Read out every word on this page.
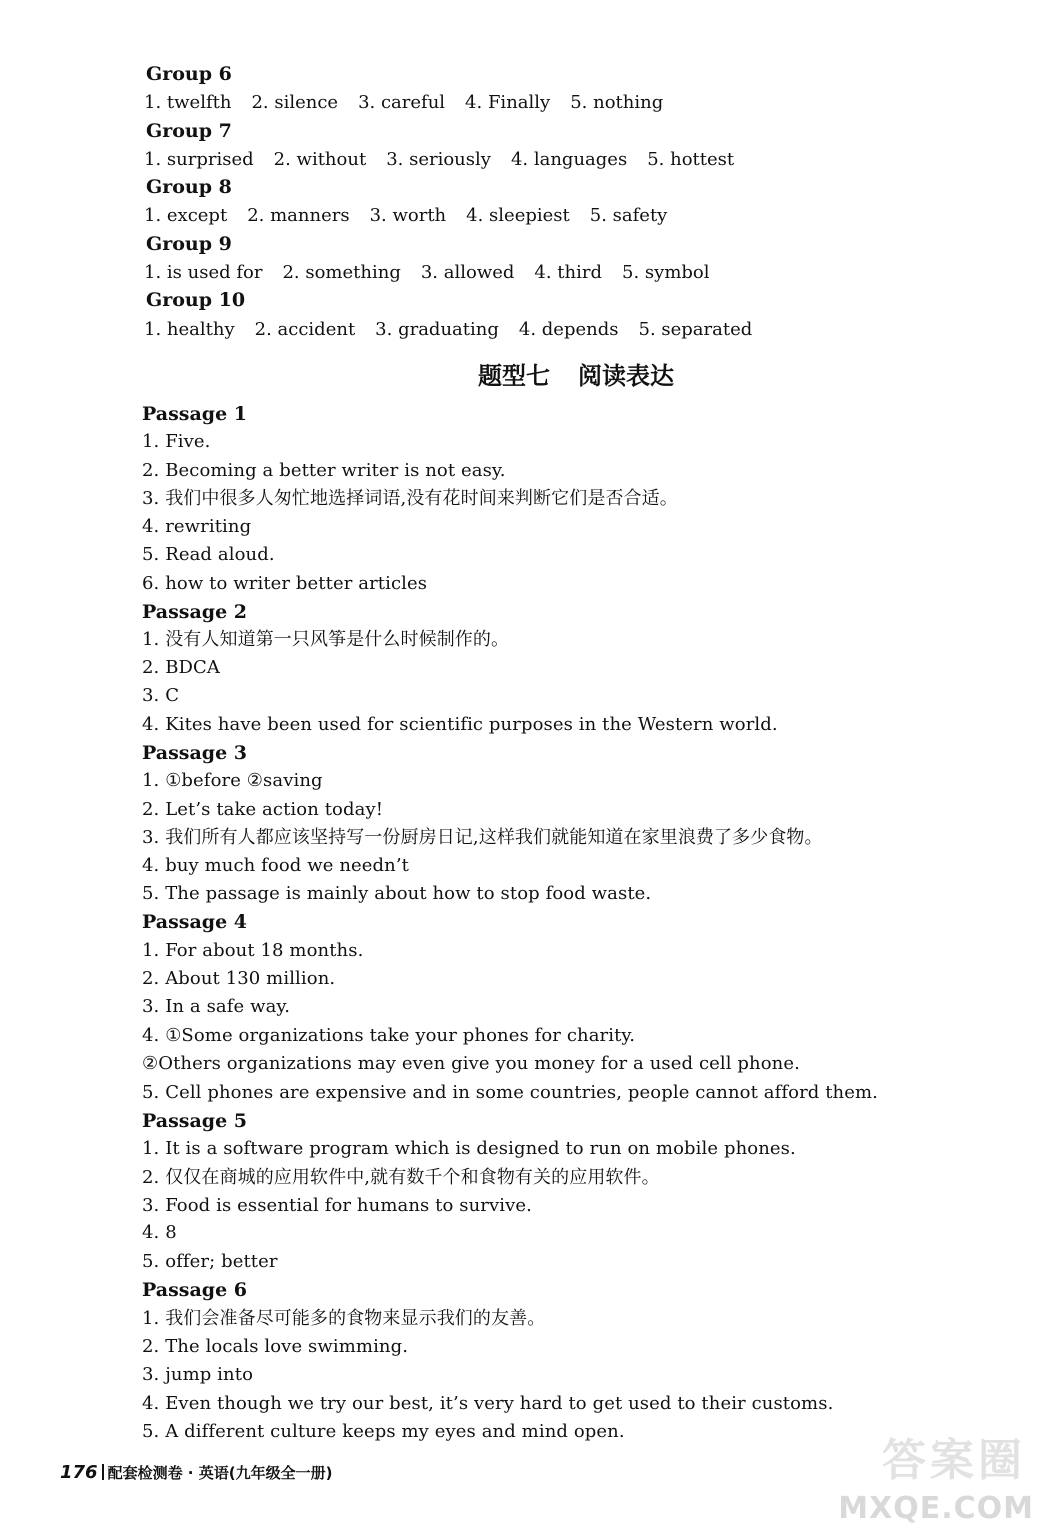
Group 6
1. twelfth 2. silence 3. careful 4. Finally 5. nothing
Group 7
1. surprised 2. without 3. seriously 4. languages 5. hottest
Group 8
1. except 2. manners 3. worth 4. sleepiest 5. safety
Group 9
1. is used for 2. something 3. allowed 4. third 5. symbol
Group 10
1. healthy 2. accident 3. graduating 4. depends 5. separated
题型七 阅读表达
Passage 1
1. Five.
2. Becoming a better writer is not easy.
3. 我们中很多人匆忙地选择词语,没有花时间来判断它们是否合适。
4. rewriting
5. Read aloud.
6. how to writer better articles
Passage 2
1. 没有人知道第一只风筝是什么时候制作的。
2. BDCA
3. C
4. Kites have been used for scientific purposes in the Western world.
Passage 3
1. ①before ②saving
2. Let’s take action today!
3. 我们所有人都应该坚持写一份厨房日记,这样我们就能知道在家里浪费了多少食物。
4. buy much food we needn’t
5. The passage is mainly about how to stop food waste.
Passage 4
1. For about 18 months.
2. About 130 million.
3. In a safe way.
4. ①Some organizations take your phones for charity.
②Others organizations may even give you money for a used cell phone.
5. Cell phones are expensive and in some countries, people cannot afford them.
Passage 5
1. It is a software program which is designed to run on mobile phones.
2. 仅仅在商城的应用软件中,就有数千个和食物有关的应用软件。
3. Food is essential for humans to survive.
4. 8
5. offer; better
Passage 6
1. 我们会准备尽可能多的食物来显示我们的友善。
2. The locals love swimming.
3. jump into
4. Even though we try our best, it’s very hard to get used to their customs.
5. A different culture keeps my eyes and mind open.
176 配套检测卷 · 英语(九年级全一册)	答案圈
MXQE.COM
